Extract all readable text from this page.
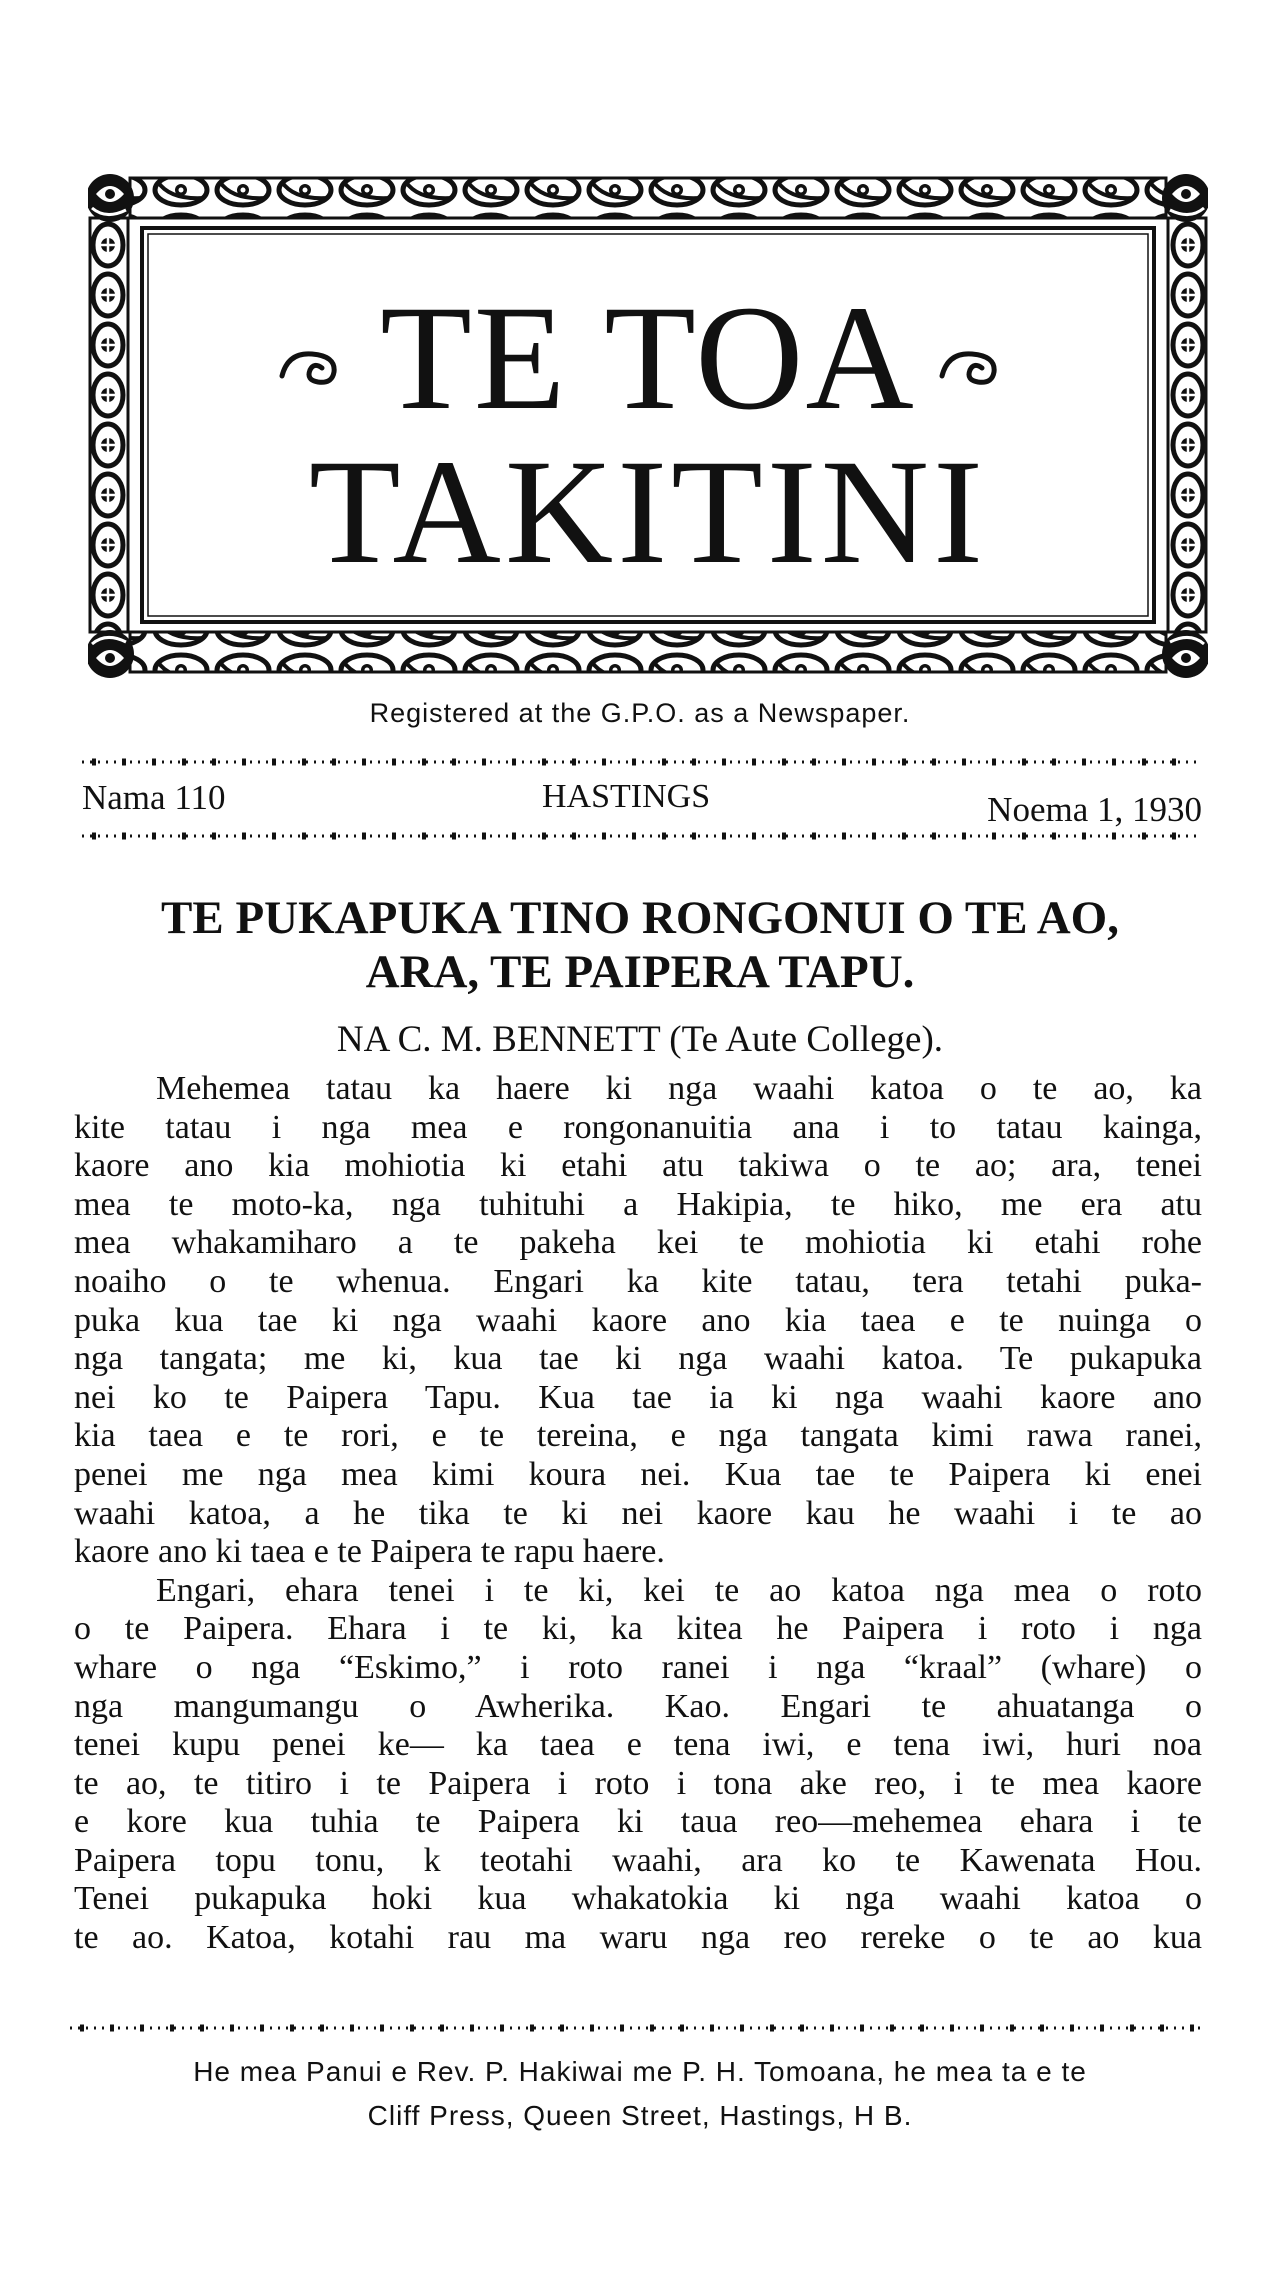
TE TOA
TAKITINI
Registered at the G.P.O. as a Newspaper.
Nama 110	HASTINGS	Noema 1, 1930
TE PUKAPUKA TINO RONGONUI O TE AO,
ARA, TE PAIPERA TAPU.
NA C. M. BENNETT (Te Aute College).

Mehemea tatau ka haere ki nga waahi katoa o te ao, ka
kite tatau i nga mea e rongonanuitia ana i to tatau kainga,
kaore ano kia mohiotia ki etahi atu takiwa o te ao; ara, tenei
mea te moto-ka, nga tuhituhi a Hakipia, te hiko, me era atu
mea whakamiharo a te pakeha kei te mohiotia ki etahi rohe
noaiho o te whenua. Engari ka kite tatau, tera tetahi puka-
puka kua tae ki nga waahi kaore ano kia taea e te nuinga o
nga tangata; me ki, kua tae ki nga waahi katoa. Te pukapuka
nei ko te Paipera Tapu. Kua tae ia ki nga waahi kaore ano
kia taea e te rori, e te tereina, e nga tangata kimi rawa ranei,
penei me nga mea kimi koura nei. Kua tae te Paipera ki enei
waahi katoa, a he tika te ki nei kaore kau he waahi i te ao
kaore ano ki taea e te Paipera te rapu haere.

Engari, ehara tenei i te ki, kei te ao katoa nga mea o roto
o te Paipera. Ehara i te ki, ka kitea he Paipera i roto i nga
whare o nga “Eskimo,” i roto ranei i nga “kraal” (whare) o
nga mangumangu o Awherika. Kao. Engari te ahuatanga o
tenei kupu penei ke— ka taea e tena iwi, e tena iwi, huri noa
te ao, te titiro i te Paipera i roto i tona ake reo, i te mea kaore
e kore kua tuhia te Paipera ki taua reo—mehemea ehara i te
Paipera topu tonu, k teotahi waahi, ara ko te Kawenata Hou.
Tenei pukapuka hoki kua whakatokia ki nga waahi katoa o
te ao. Katoa, kotahi rau ma waru nga reo rereke o te ao kua

He mea Panui e Rev. P. Hakiwai me P. H. Tomoana, he mea ta e te
Cliff Press, Queen Street, Hastings, H B.
